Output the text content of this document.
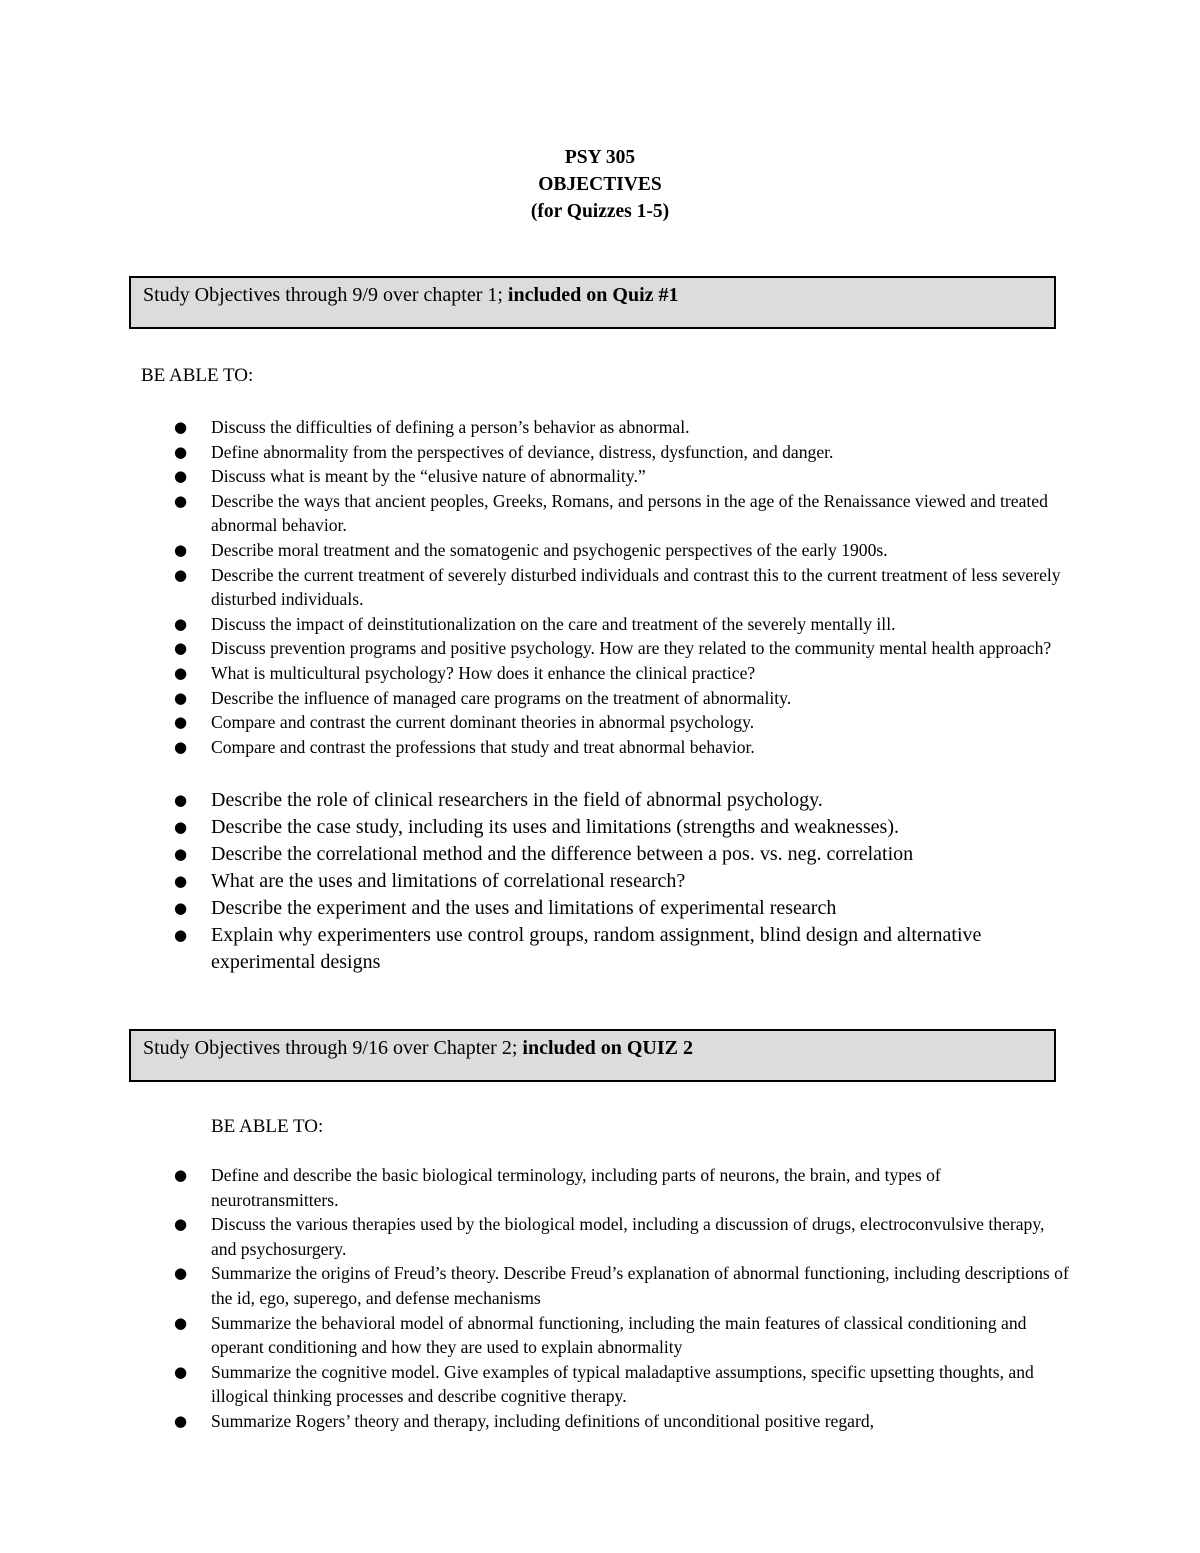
PSY 305
OBJECTIVES
(for Quizzes 1-5)
Study Objectives through 9/9 over chapter 1; included on Quiz #1
BE ABLE TO:
● Discuss the difficulties of defining a person’s behavior as abnormal.
● Define abnormality from the perspectives of deviance, distress, dysfunction, and danger.
● Discuss what is meant by the “elusive nature of abnormality.”
● Describe the ways that ancient peoples, Greeks, Romans, and persons in the age of the Renaissance viewed and treated abnormal behavior.
● Describe moral treatment and the somatogenic and psychogenic perspectives of the early 1900s.
● Describe the current treatment of severely disturbed individuals and contrast this to the current treatment of less severely disturbed individuals.
● Discuss the impact of deinstitutionalization on the care and treatment of the severely mentally ill.
● Discuss prevention programs and positive psychology. How are they related to the community mental health approach?
● What is multicultural psychology? How does it enhance the clinical practice?
● Describe the influence of managed care programs on the treatment of abnormality.
● Compare and contrast the current dominant theories in abnormal psychology.
● Compare and contrast the professions that study and treat abnormal behavior.
● Describe the role of clinical researchers in the field of abnormal psychology.
● Describe the case study, including its uses and limitations (strengths and weaknesses).
● Describe the correlational method and the difference between a pos. vs. neg. correlation
● What are the uses and limitations of correlational research?
● Describe the experiment and the uses and limitations of experimental research
● Explain why experimenters use control groups, random assignment, blind design and alternative experimental designs
Study Objectives through 9/16 over Chapter 2; included on QUIZ 2
BE ABLE TO:
● Define and describe the basic biological terminology, including parts of neurons, the brain, and types of neurotransmitters.
● Discuss the various therapies used by the biological model, including a discussion of drugs, electroconvulsive therapy, and psychosurgery.
● Summarize the origins of Freud’s theory. Describe Freud’s explanation of abnormal functioning, including descriptions of the id, ego, superego, and defense mechanisms
● Summarize the behavioral model of abnormal functioning, including the main features of classical conditioning and operant conditioning and how they are used to explain abnormality
● Summarize the cognitive model. Give examples of typical maladaptive assumptions, specific upsetting thoughts, and illogical thinking processes and describe cognitive therapy.
● Summarize Rogers’ theory and therapy, including definitions of unconditional positive regard,
